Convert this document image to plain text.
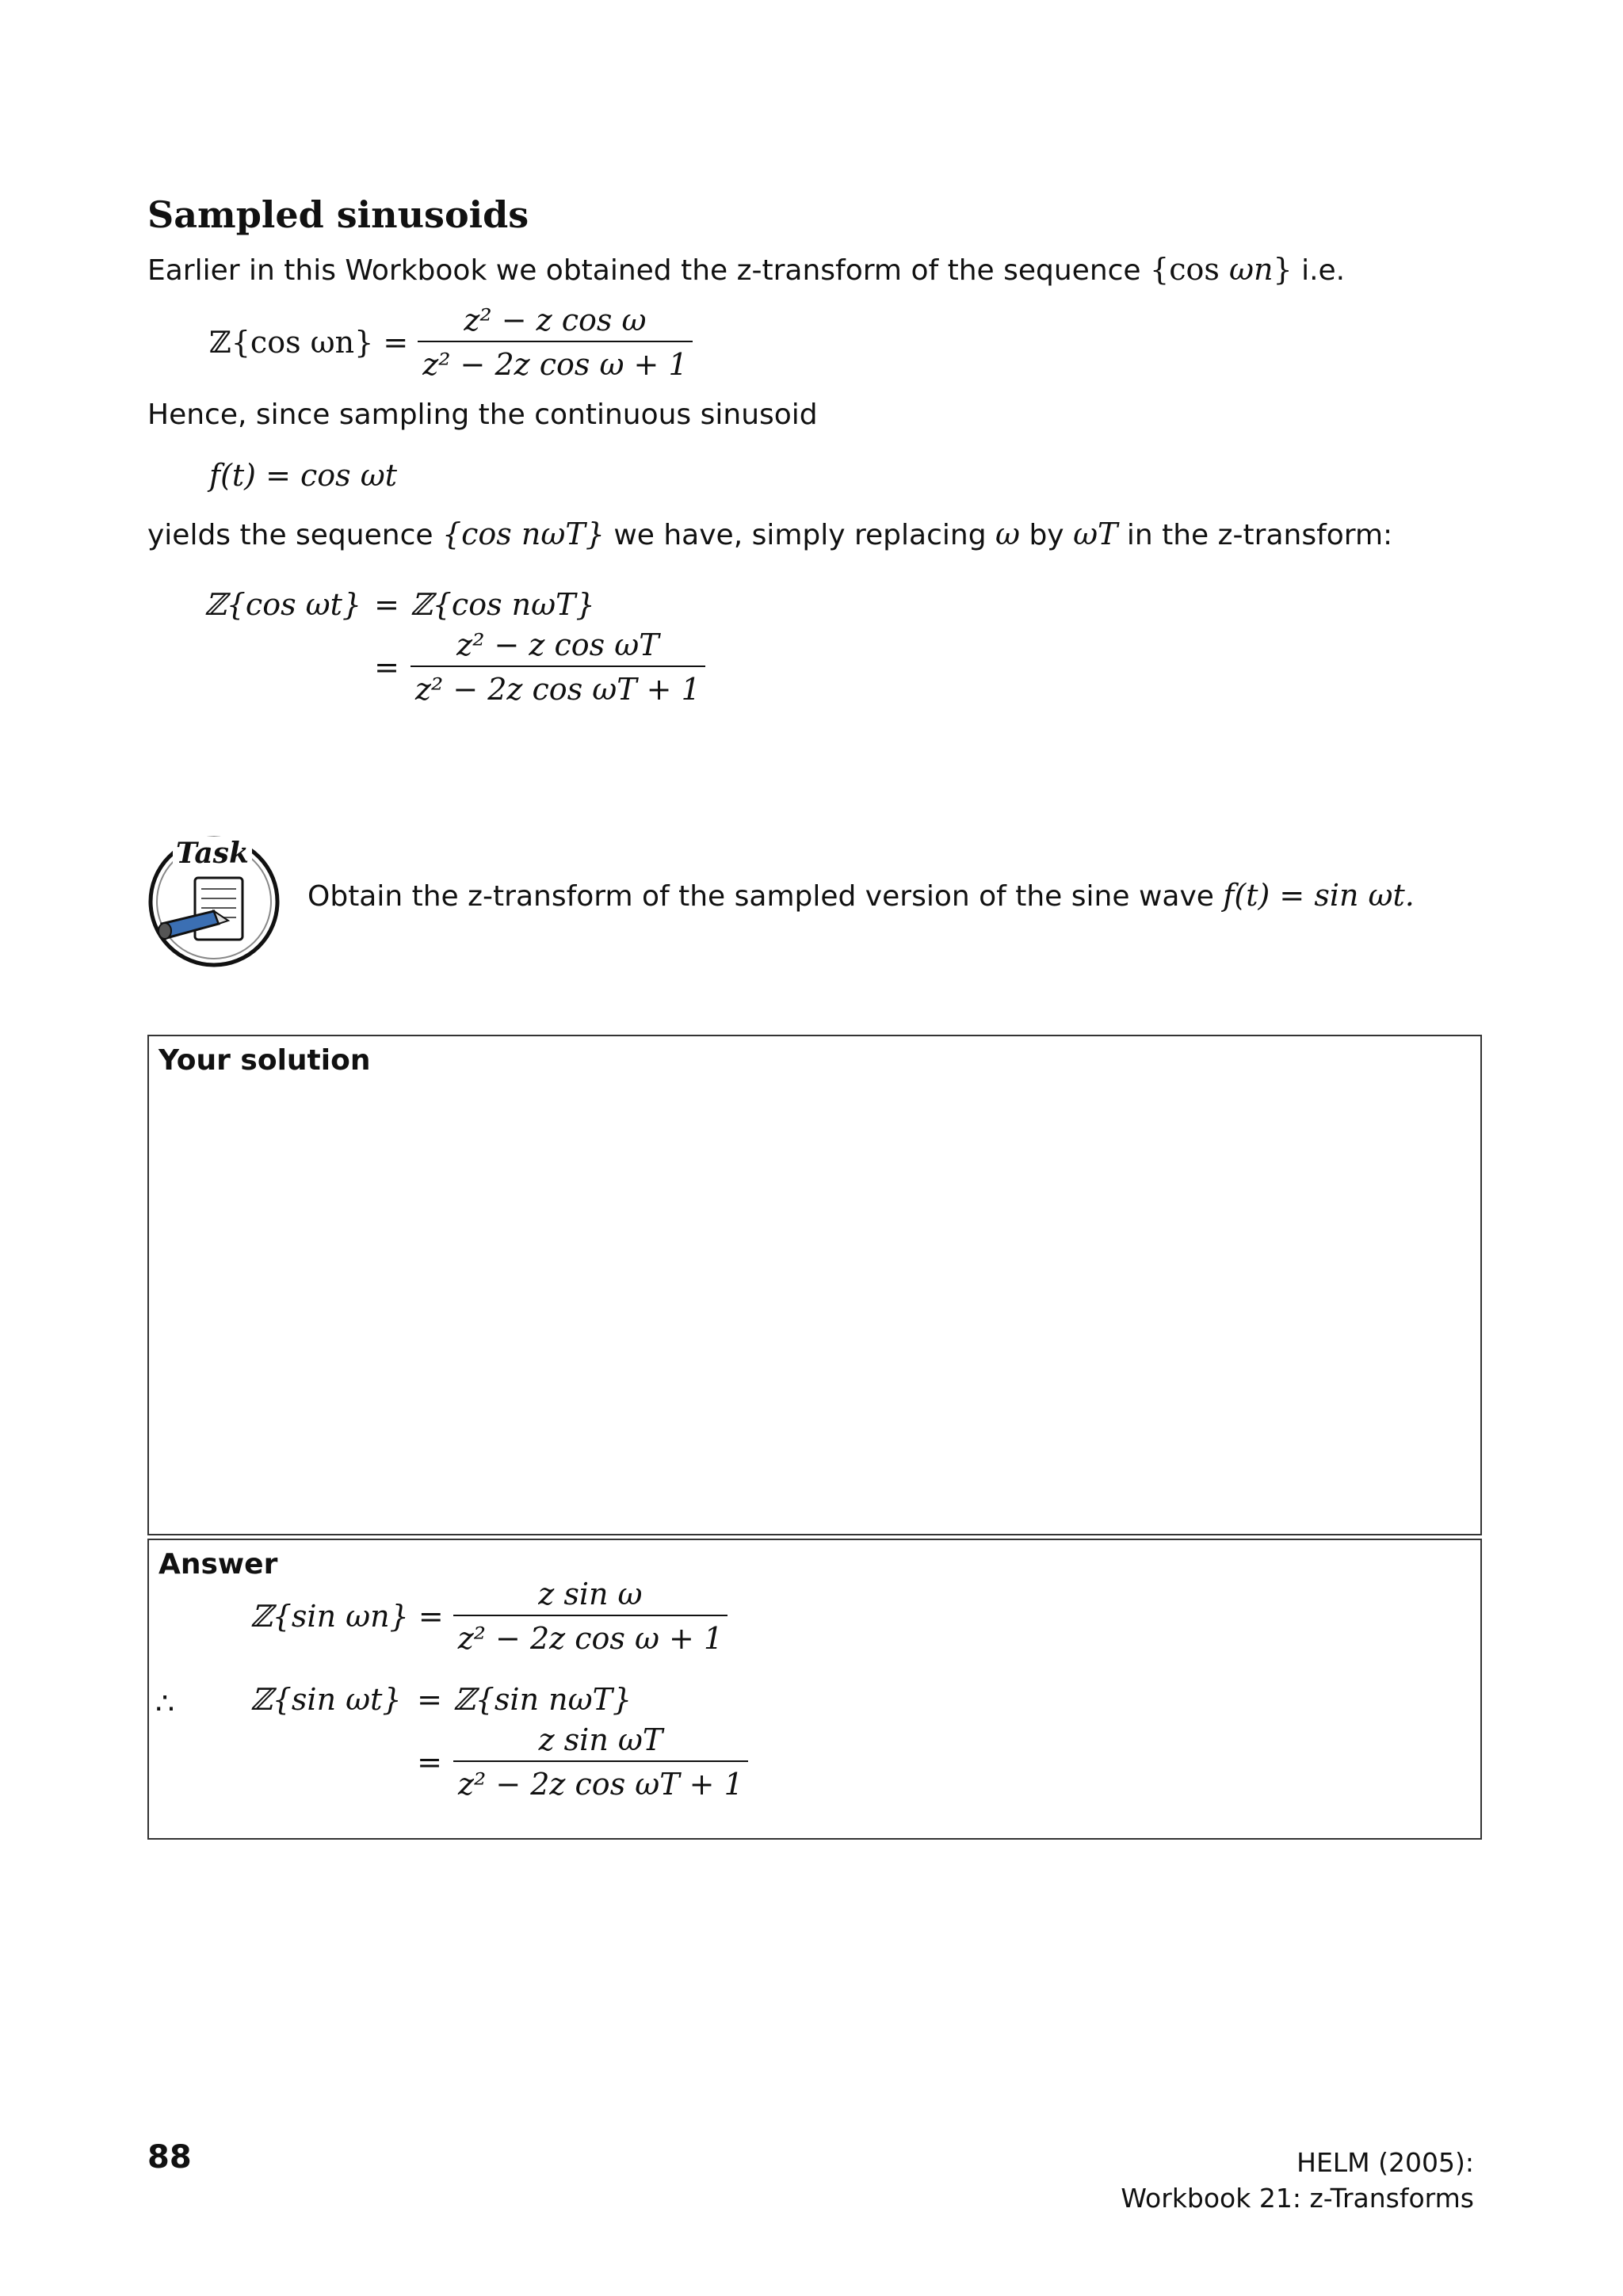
Sampled sinusoids
Earlier in this Workbook we obtained the z-transform of the sequence {cos ωn} i.e.
ℤ{cos $\omega n\} = \frac{\text{z² − z cos ω}}{\text{z² − 2z cos ω + 1}}$
Hence, since sampling the continuous sinusoid
f(t) = cos ωt
yields the sequence {cos nωT} we have, simply replacing ω by ωT in the z-transform:
ℤ{cos ωt} = ℤ{cos nωT}
= $\frac{\text{z² − z cos ωT}}{\text{z² − 2z cos ωT + 1}}$
Task
Obtain the z-transform of the sampled version of the sine wave f(t) = sin ωt.
Your solution
Answer
ℤ{sin $\omega n\} = \frac{\text{z sin ω}}{\text{z² − 2z cos ω + 1}}$
∴	ℤ{sin ωt} = ℤ{sin nωT}
= $\frac{\text{z sin ωT}}{\text{z² − 2z cos ωT + 1}}$
88	HELM (2005):
Workbook 21: z-Transforms
